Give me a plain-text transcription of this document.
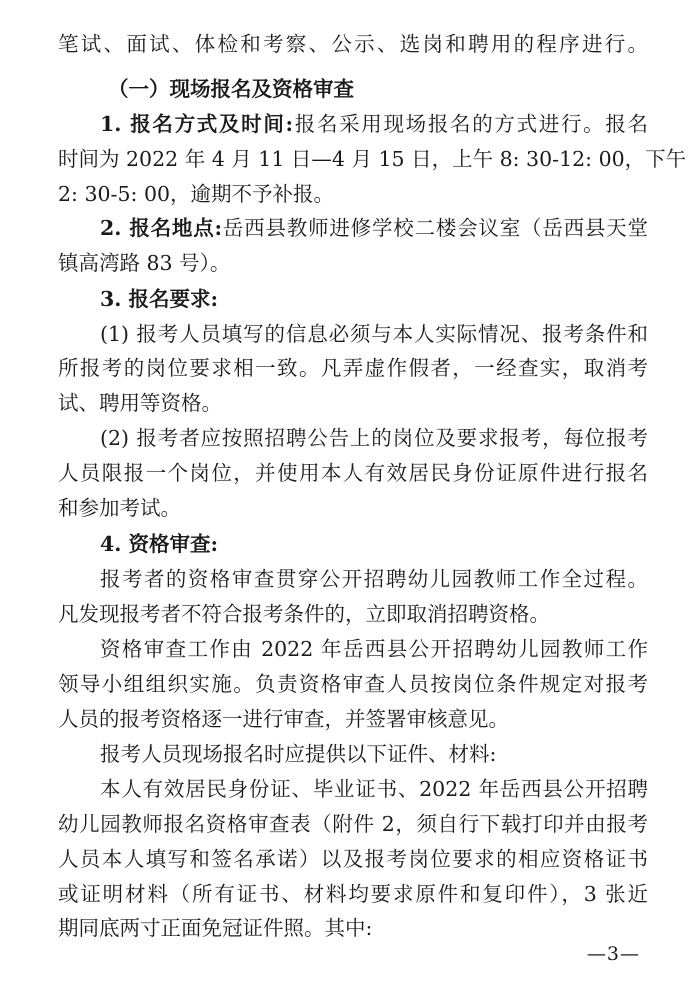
笔试、面试、体检和考察、公示、选岗和聘用的程序进行。
（一）现场报名及资格审查
1. 报名方式及时间:报名采用现场报名的方式进行。报名
时间为 2022 年 4 月 11 日—4 月 15 日，上午 8: 30-12: 00，下午
2: 30-5: 00，逾期不予补报。
2. 报名地点:岳西县教师进修学校二楼会议室（岳西县天堂
镇高湾路 83 号）。
3. 报名要求:
(1) 报考人员填写的信息必须与本人实际情况、报考条件和
所报考的岗位要求相一致。凡弄虚作假者，一经查实，取消考
试、聘用等资格。
(2) 报考者应按照招聘公告上的岗位及要求报考，每位报考
人员限报一个岗位，并使用本人有效居民身份证原件进行报名
和参加考试。
4. 资格审查:
报考者的资格审查贯穿公开招聘幼儿园教师工作全过程。
凡发现报考者不符合报考条件的，立即取消招聘资格。
资格审查工作由 2022 年岳西县公开招聘幼儿园教师工作
领导小组组织实施。负责资格审查人员按岗位条件规定对报考
人员的报考资格逐一进行审查，并签署审核意见。
报考人员现场报名时应提供以下证件、材料:
本人有效居民身份证、毕业证书、2022 年岳西县公开招聘
幼儿园教师报名资格审查表（附件 2，须自行下载打印并由报考
人员本人填写和签名承诺）以及报考岗位要求的相应资格证书
或证明材料（所有证书、材料均要求原件和复印件），3 张近
期同底两寸正面免冠证件照。其中:
—3—
